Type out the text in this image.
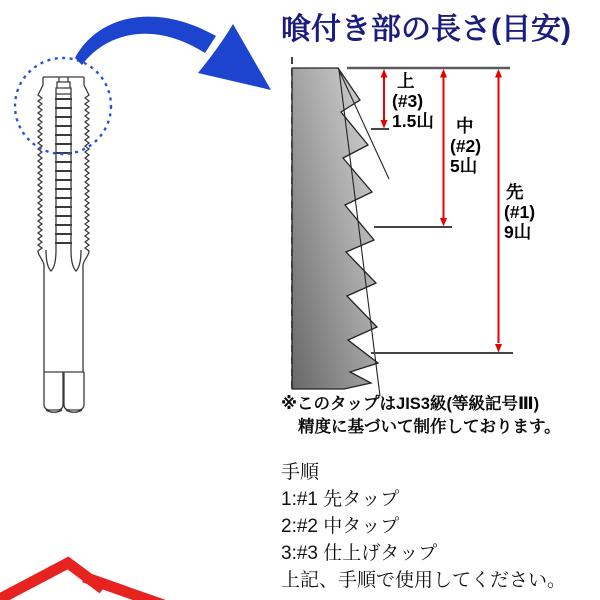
喰付き部の長さ(目安)
上
(#3)
1.5山	中
(#2)
5山
先
(#1)
9山
※このタップはJIS3級(等級記号Ⅲ)
精度に基づいて制作しております。
手順
1:#1 先タップ
2:#2 中タップ
3:#3 仕上げタップ
上記、手順で使用してください。
